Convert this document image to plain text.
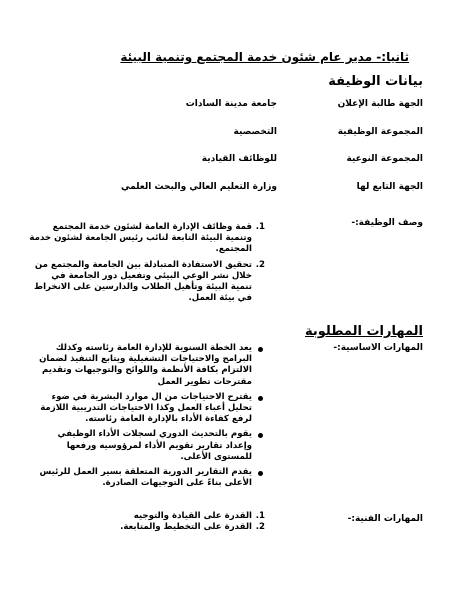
ثانيا:- مدير عام شئون خدمة المجتمع وتنمية البيئة
بيانات الوظيفة
الجهة طالبة الإعلان
جامعة مدينة السادات
المجموعة الوظيفية
التخصصية
المجموعة النوعية
للوظائف القيادية
الجهة التابع لها
وزارة التعليم العالي والبحث العلمي
وصف الوظيفة:-
1.
قمة وظائف الإدارة العامة لشئون خدمة المجتمع وتنمية البيئة التابعة لنائب رئيس الجامعة لشئون خدمة المجتمع.
2.
تحقيق الاستفادة المتبادلة بين الجامعة والمجتمع من خلال نشر الوعي البيئي وتفعيل دور الجامعة في تنمية البيئة وتأهيل الطلاب والدارسين على الانخراط في بيئة العمل.
المهارات المطلوبة
المهارات الاساسية:-
يعد الخطة السنوية للإدارة العامة رئاسته وكذلك البرامج والاحتياجات التشغيلية ويتابع التنفيذ لضمان الالتزام بكافة الأنظمة واللوائح والتوجيهات وتقديم مقترحات تطوير العمل
يقترح الاحتياجات من ال موارد البشرية في ضوء تحليل أعباء العمل وكذا الاحتياجات التدريبية اللازمة لرفع كفاءة الأداء بالإدارة العامة رئاسته.
يقوم بالتحديث الدوري لسجلات الأداء الوظيفي وإعداد تقارير تقويم الأداء لمرؤوسيه ورفعها للمستوى الأعلى.
يقدم التقارير الدورية المتعلقة بسير العمل للرئيس الأعلى بناءً على التوجيهات الصادرة.
المهارات الفنية:-
1.
القدرة على القيادة والتوجيه
2.
القدرة على التخطيط والمتابعة.
